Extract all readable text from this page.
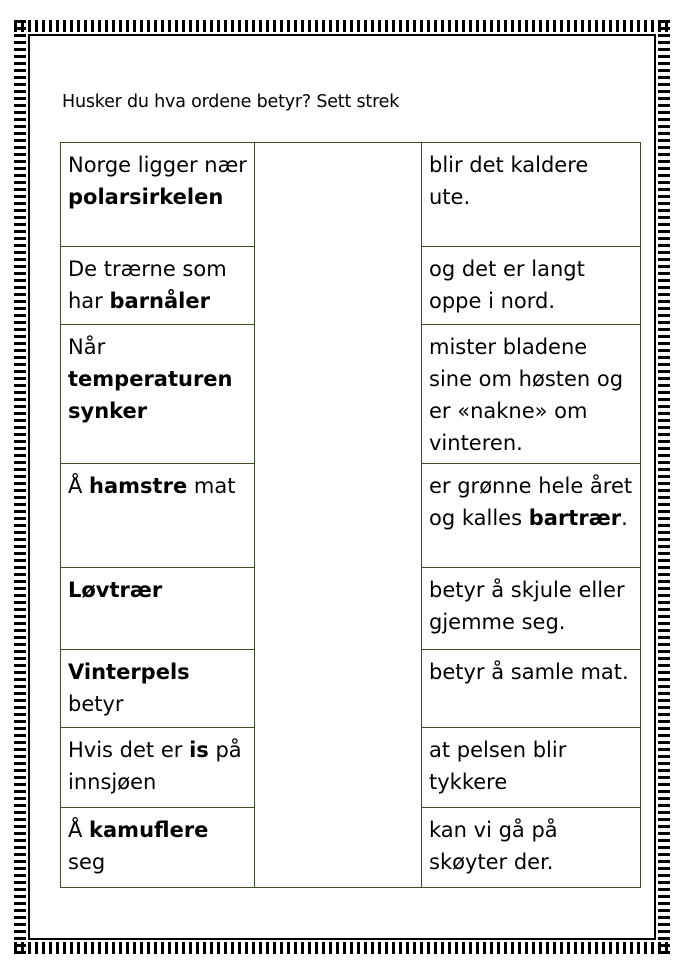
Husker du hva ordene betyr? Sett strek
Norge ligger nær polarsirkelen		blir det kaldere ute.
De trærne som har barnåler		og det er langt oppe i nord.
Når temperaturen synker		mister bladene sine om høsten og er «nakne» om vinteren.
Å hamstre mat		er grønne hele året og kalles bartrær.
Løvtrær		betyr å skjule eller gjemme seg.
Vinterpels betyr		betyr å samle mat.
Hvis det er is på innsjøen		at pelsen blir tykkere
Å kamuflere seg		kan vi gå på skøyter der.
